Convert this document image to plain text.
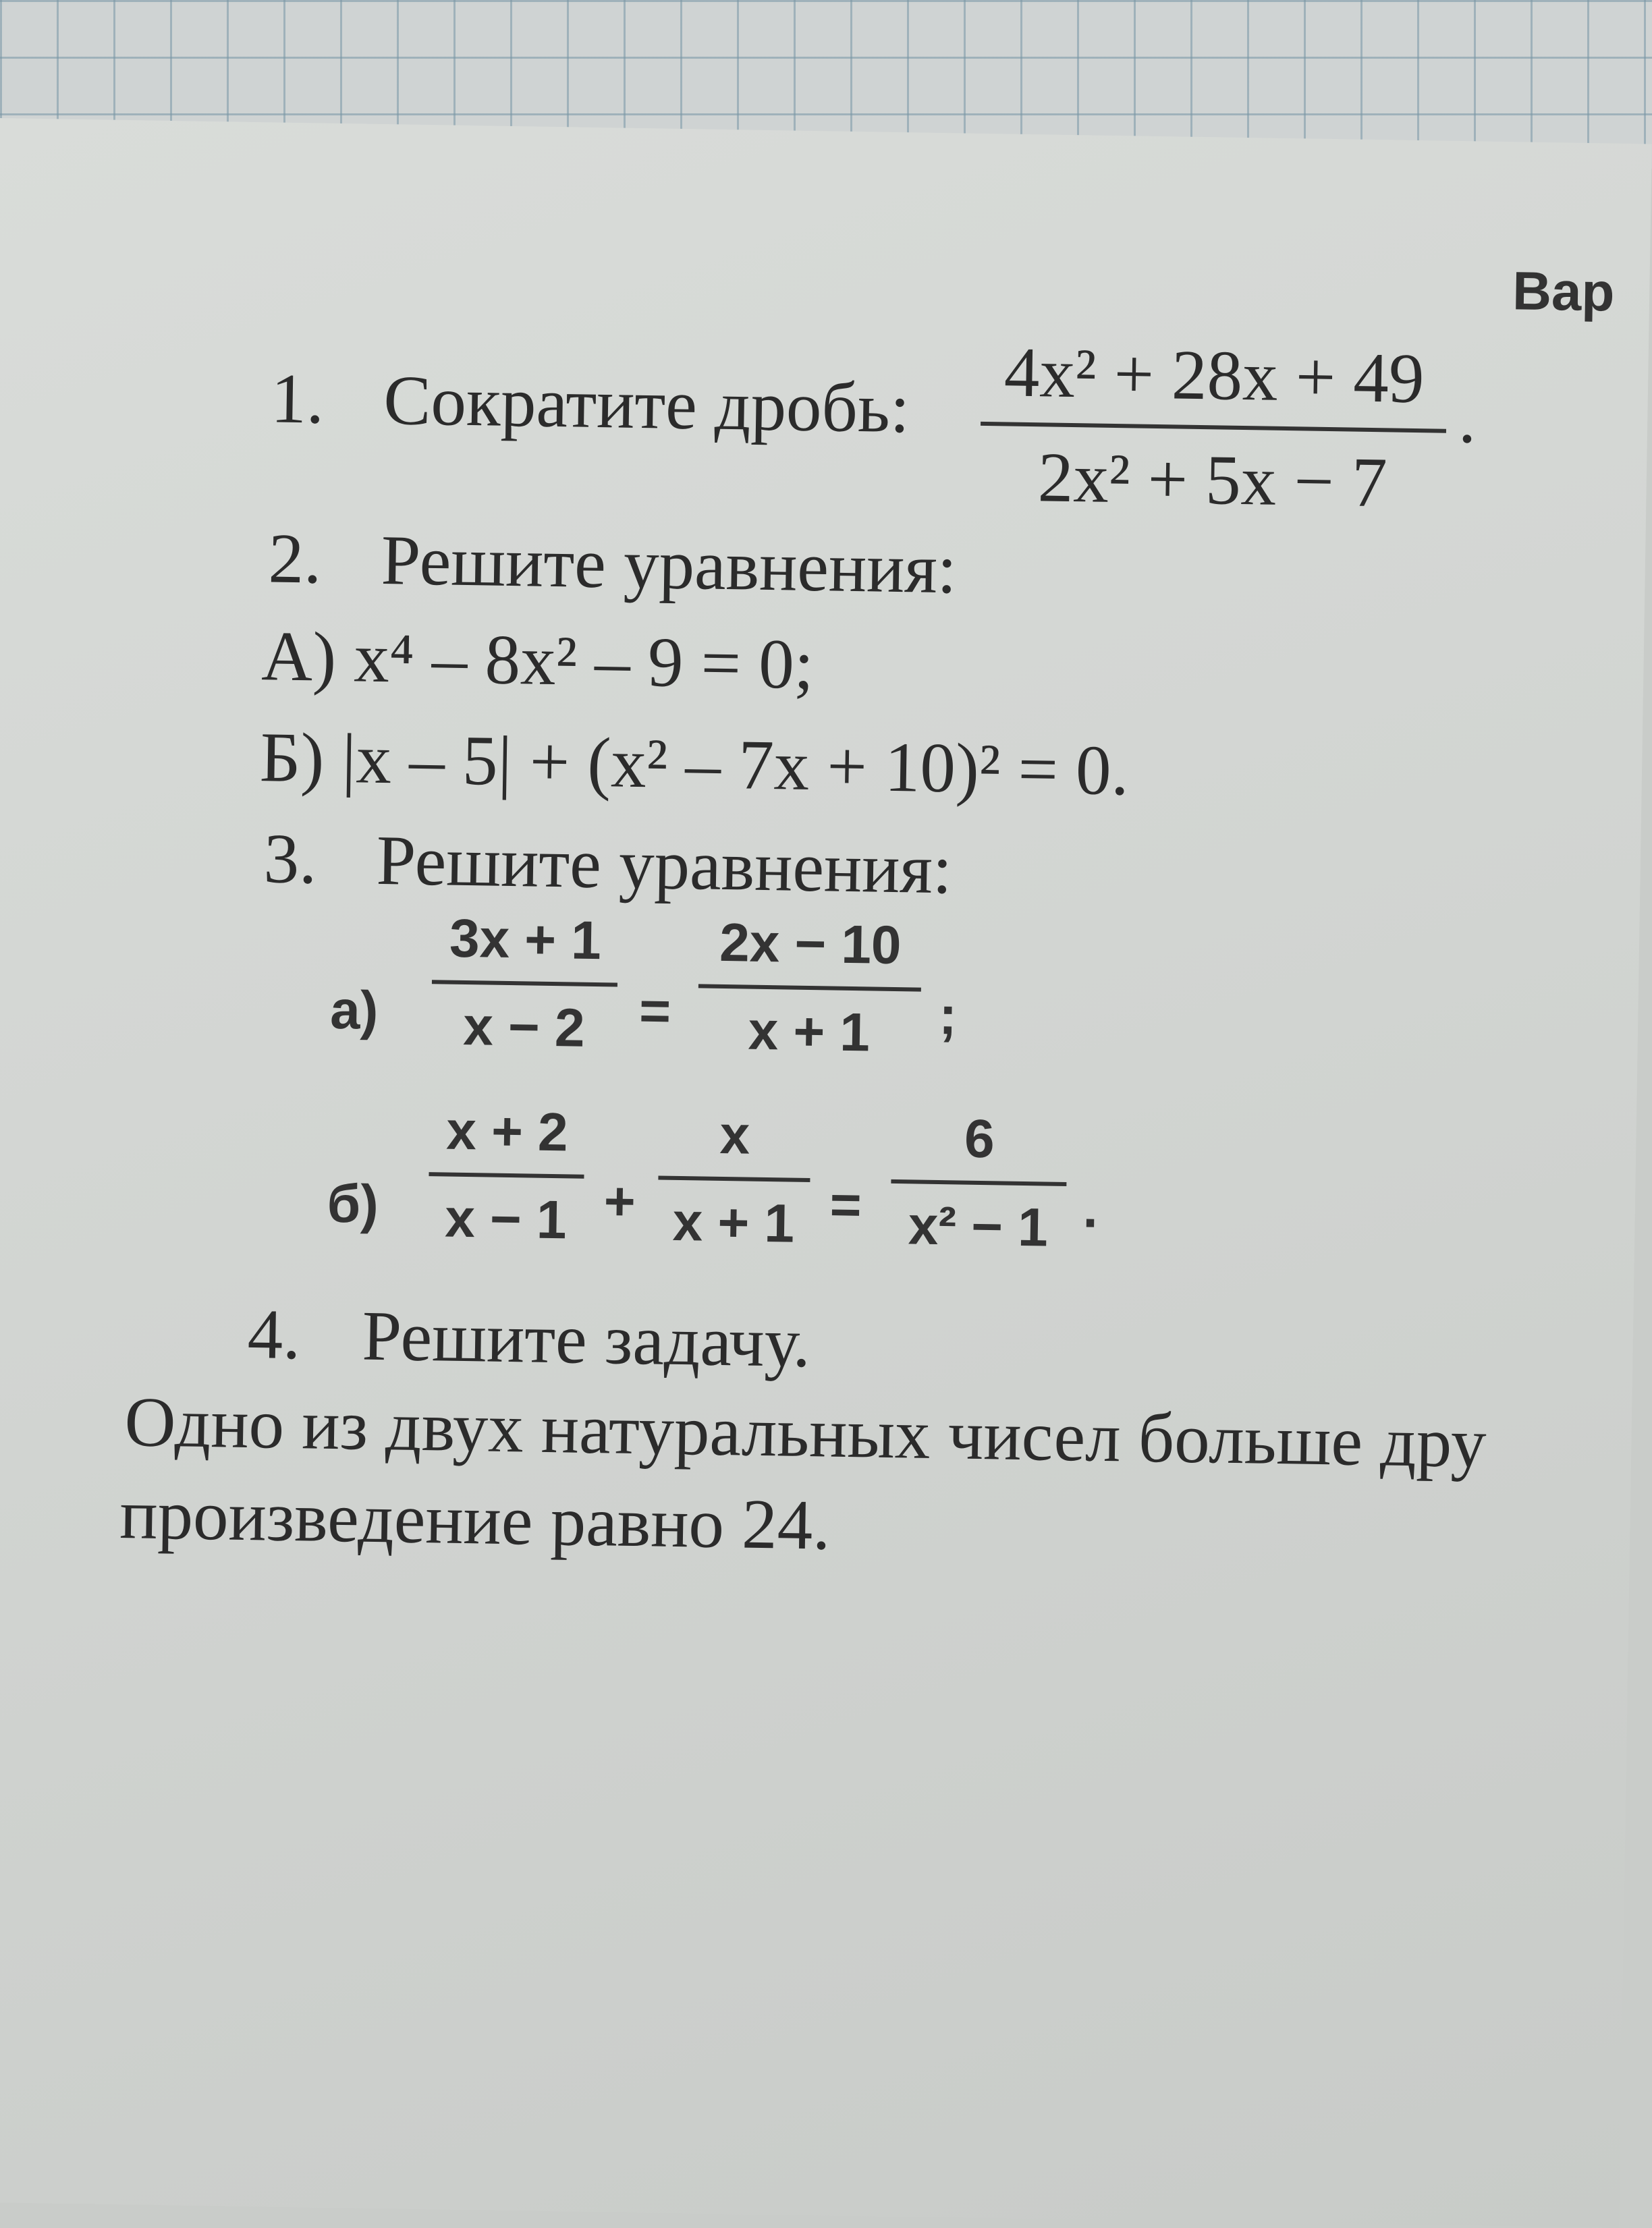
Вар
1. Сократите дробь: 4x² + 28x + 49
2x² + 5x − 7
.
2. Решите уравнения:
А) x⁴ – 8x² – 9 = 0;
Б) |x – 5| + (x² – 7x + 10)² = 0.
3. Решите уравнения:
а)
3x + 1
x − 2 =
2x − 10
x + 1 ;
б)
x + 2
x − 1 +
x
x + 1 =
6
x² − 1 .
4. Решите задачу.
Одно из двух натуральных чисел больше дру
произведение равно 24.
